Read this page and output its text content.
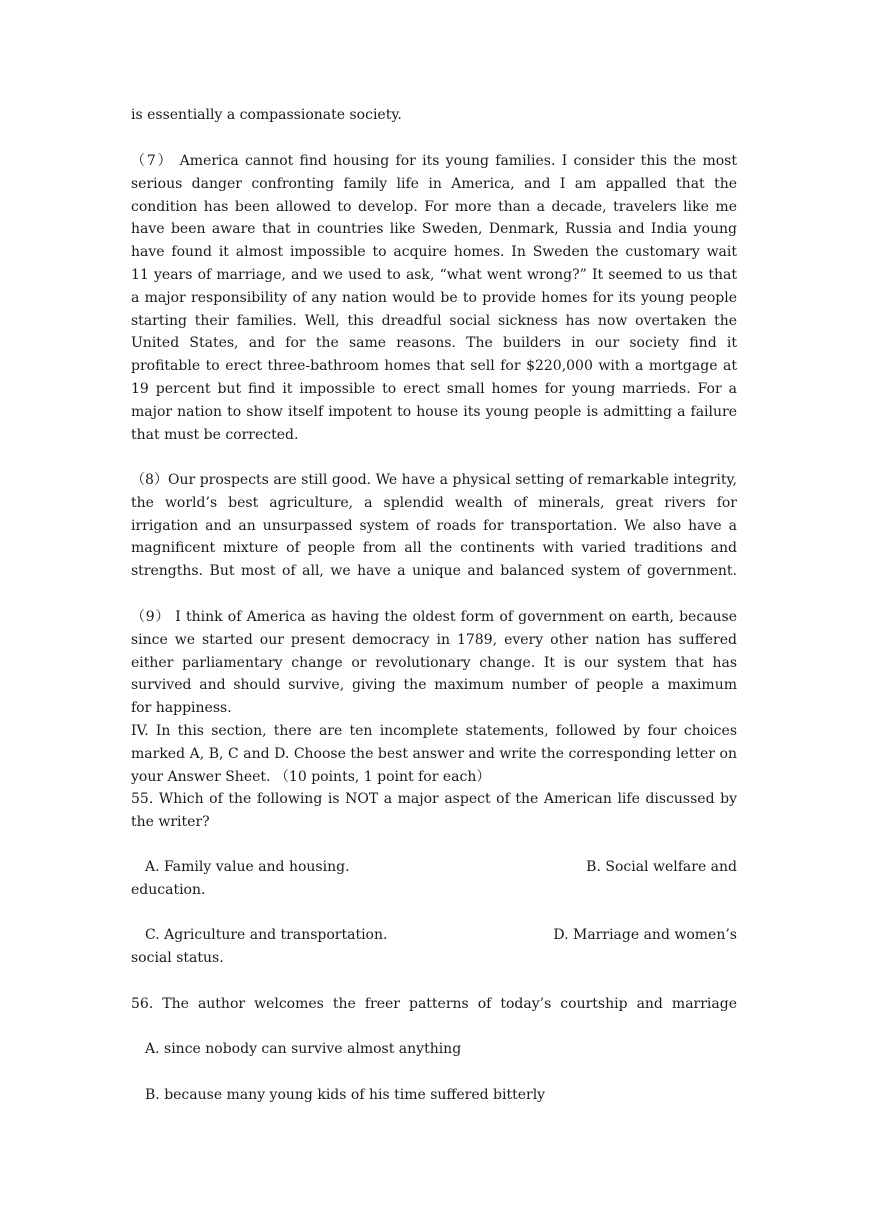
is essentially a compassionate society.
（7） America cannot find housing for its young families. I consider this the most
serious danger confronting family life in America, and I am appalled that the
condition has been allowed to develop. For more than a decade, travelers like me
have been aware that in countries like Sweden, Denmark, Russia and India young
have found it almost impossible to acquire homes. In Sweden the customary wait
11 years of marriage, and we used to ask, “what went wrong?” It seemed to us that
a major responsibility of any nation would be to provide homes for its young people
starting their families. Well, this dreadful social sickness has now overtaken the
United States, and for the same reasons. The builders in our society find it
profitable to erect three-bathroom homes that sell for $220,000 with a mortgage at
19 percent but find it impossible to erect small homes for young marrieds. For a
major nation to show itself impotent to house its young people is admitting a failure
that must be corrected.
（8）Our prospects are still good. We have a physical setting of remarkable integrity,
the world’s best agriculture, a splendid wealth of minerals, great rivers for
irrigation and an unsurpassed system of roads for transportation. We also have a
magnificent mixture of people from all the continents with varied traditions and
strengths. But most of all, we have a unique and balanced system of government.
（9） I think of America as having the oldest form of government on earth, because
since we started our present democracy in 1789, every other nation has suffered
either parliamentary change or revolutionary change. It is our system that has
survived and should survive, giving the maximum number of people a maximum
for happiness.
IV. In this section, there are ten incomplete statements, followed by four choices
marked A, B, C and D. Choose the best answer and write the corresponding letter on
your Answer Sheet. （10 points, 1 point for each）
55. Which of the following is NOT a major aspect of the American life discussed by
the writer?
A. Family value and housing.	B. Social welfare and
education.
C. Agriculture and transportation.	D. Marriage and women’s
social status.
56. The author welcomes the freer patterns of today’s courtship and marriage
A. since nobody can survive almost anything
B. because many young kids of his time suffered bitterly
